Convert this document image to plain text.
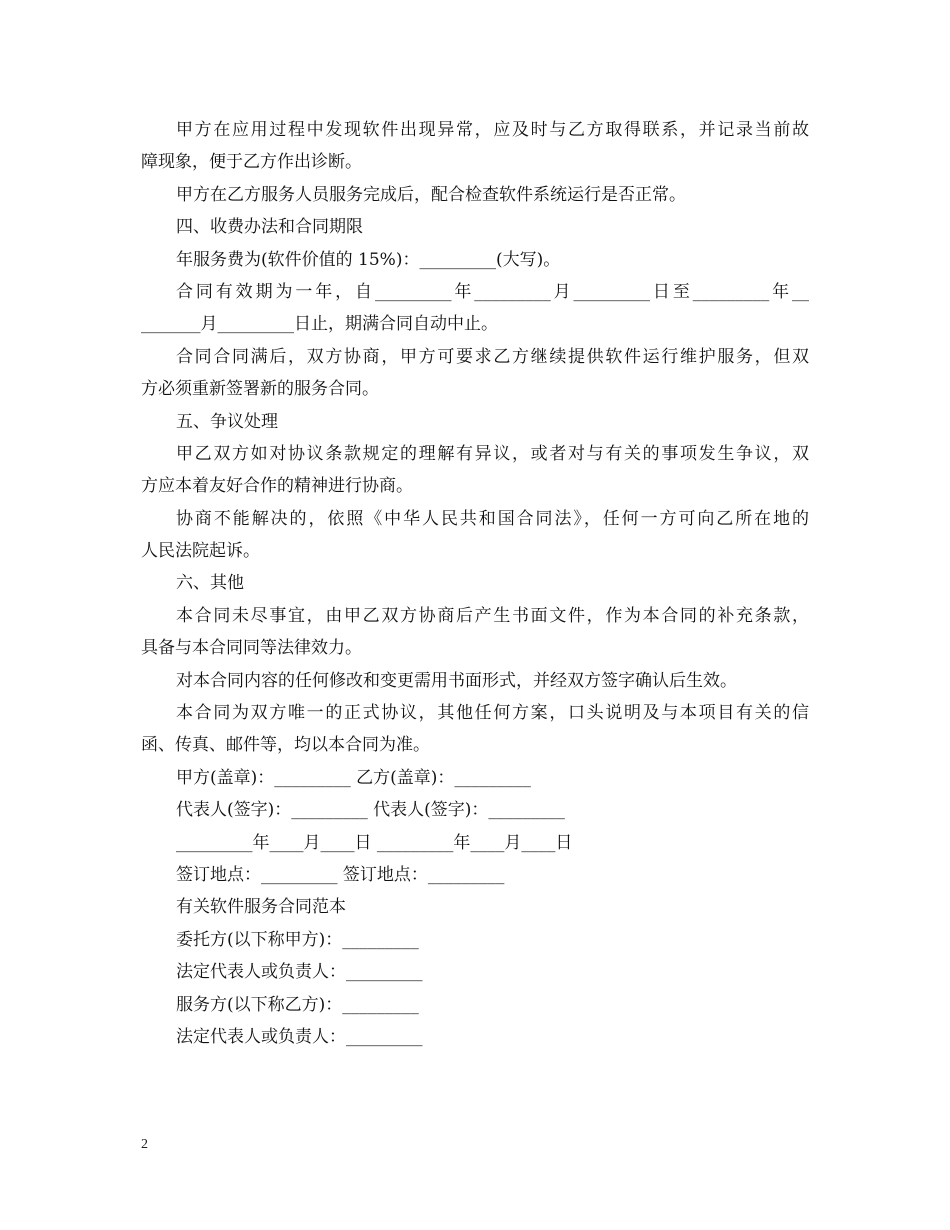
甲方在应用过程中发现软件出现异常，应及时与乙方取得联系，并记录当前故
障现象，便于乙方作出诊断。
甲方在乙方服务人员服务完成后，配合检查软件系统运行是否正常。
四、收费办法和合同期限
年服务费为(软件价值的 15%)：_________(大写)。
合同有效期为一年，自_________年_________月_________日至_________年__
_______月_________日止，期满合同自动中止。
合同合同满后，双方协商，甲方可要求乙方继续提供软件运行维护服务，但双
方必须重新签署新的服务合同。
五、争议处理
甲乙双方如对协议条款规定的理解有异议，或者对与有关的事项发生争议，双
方应本着友好合作的精神进行协商。
协商不能解决的，依照《中华人民共和国合同法》，任何一方可向乙所在地的
人民法院起诉。
六、其他
本合同未尽事宜，由甲乙双方协商后产生书面文件，作为本合同的补充条款，
具备与本合同同等法律效力。
对本合同内容的任何修改和变更需用书面形式，并经双方签字确认后生效。
本合同为双方唯一的正式协议，其他任何方案，口头说明及与本项目有关的信
函、传真、邮件等，均以本合同为准。
甲方(盖章)：_________ 乙方(盖章)：_________
代表人(签字)：_________ 代表人(签字)：_________
_________年____月____日 _________年____月____日
签订地点：_________ 签订地点：_________
有关软件服务合同范本
委托方(以下称甲方)：_________
法定代表人或负责人：_________
服务方(以下称乙方)：_________
法定代表人或负责人：_________
2
